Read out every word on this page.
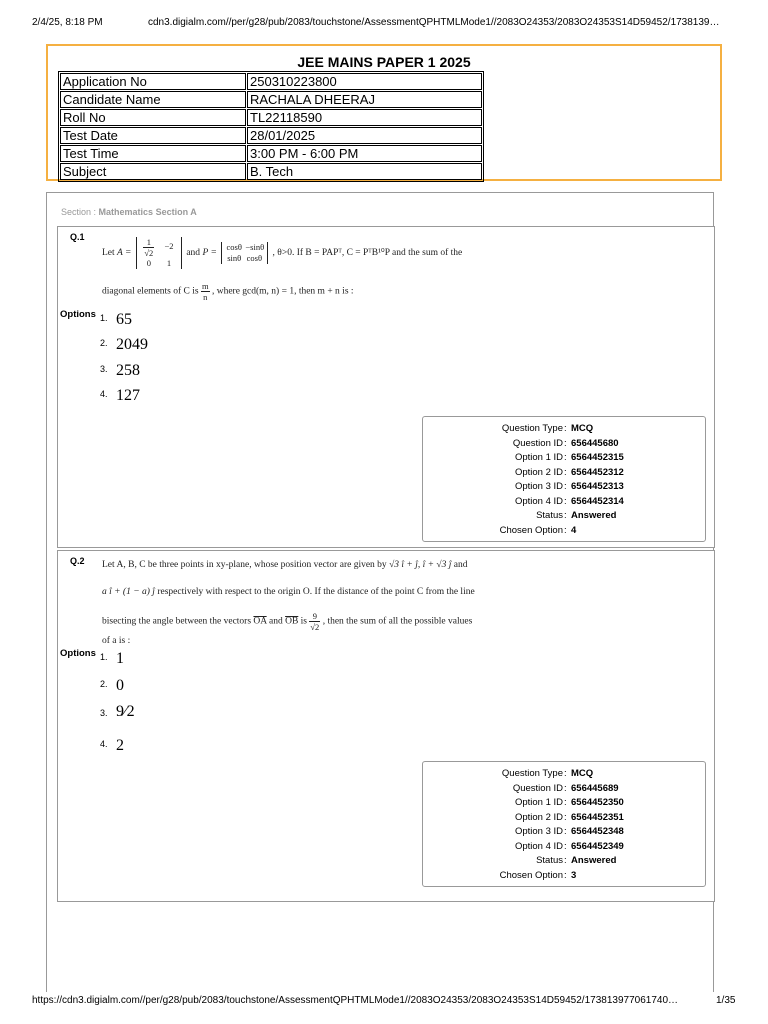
2/4/25, 8:18 PM	cdn3.digialm.com//per/g28/pub/2083/touchstone/AssessmentQPHTMLMode1//2083O24353/2083O24353S14D59452/1738139…
JEE MAINS PAPER 1 2025
Application No	250310223800
Candidate Name	RACHALA DHEERAJ
Roll No	TL22118590
Test Date	28/01/2025
Test Time	3:00 PM - 6:00 PM
Subject	B. Tech
Section : Mathematics Section A
Q.1
Let $A = \frac{1}{√2} -2$
0 1
and P =
cosθ −sinθ
sinθ cosθ , θ>0. If B = PAPᵀ, C = PᵀB¹⁰P and the sum of the
diagonal elements of C is $\frac{m}{n}$ , where gcd(m, n) = 1, then m + n is :
Options 1. 65
2. 2049
3. 258
4. 127
Question Type : MCQ
Question ID : 656445680
Option 1 ID : 6564452315
Option 2 ID : 6564452312
Option 3 ID : 6564452313
Option 4 ID : 6564452314
Status : Answered
Chosen Option : 4
Q.2 Let A, B, C be three points in xy-plane, whose position vector are given by √3 î + ĵ, î + √3 ĵ and
a î + (1 − a) ĵ respectively with respect to the origin O. If the distance of the point C from the line
bisecting the angle between the vectors $\overline{OA}$ and $\overline{OB}$ is $\frac{9}{√2}$ , then the sum of all the possible values
of a is :
Options 1. 1
2. 0
3. 9⁄2
4. 2
Question Type : MCQ
Question ID : 656445689
Option 1 ID : 6564452350
Option 2 ID : 6564452351
Option 3 ID : 6564452348
Option 4 ID : 6564452349
Status : Answered
Chosen Option : 3
https://cdn3.digialm.com//per/g28/pub/2083/touchstone/AssessmentQPHTMLMode1//2083O24353/2083O24353S14D59452/173813977061740…	1/35
